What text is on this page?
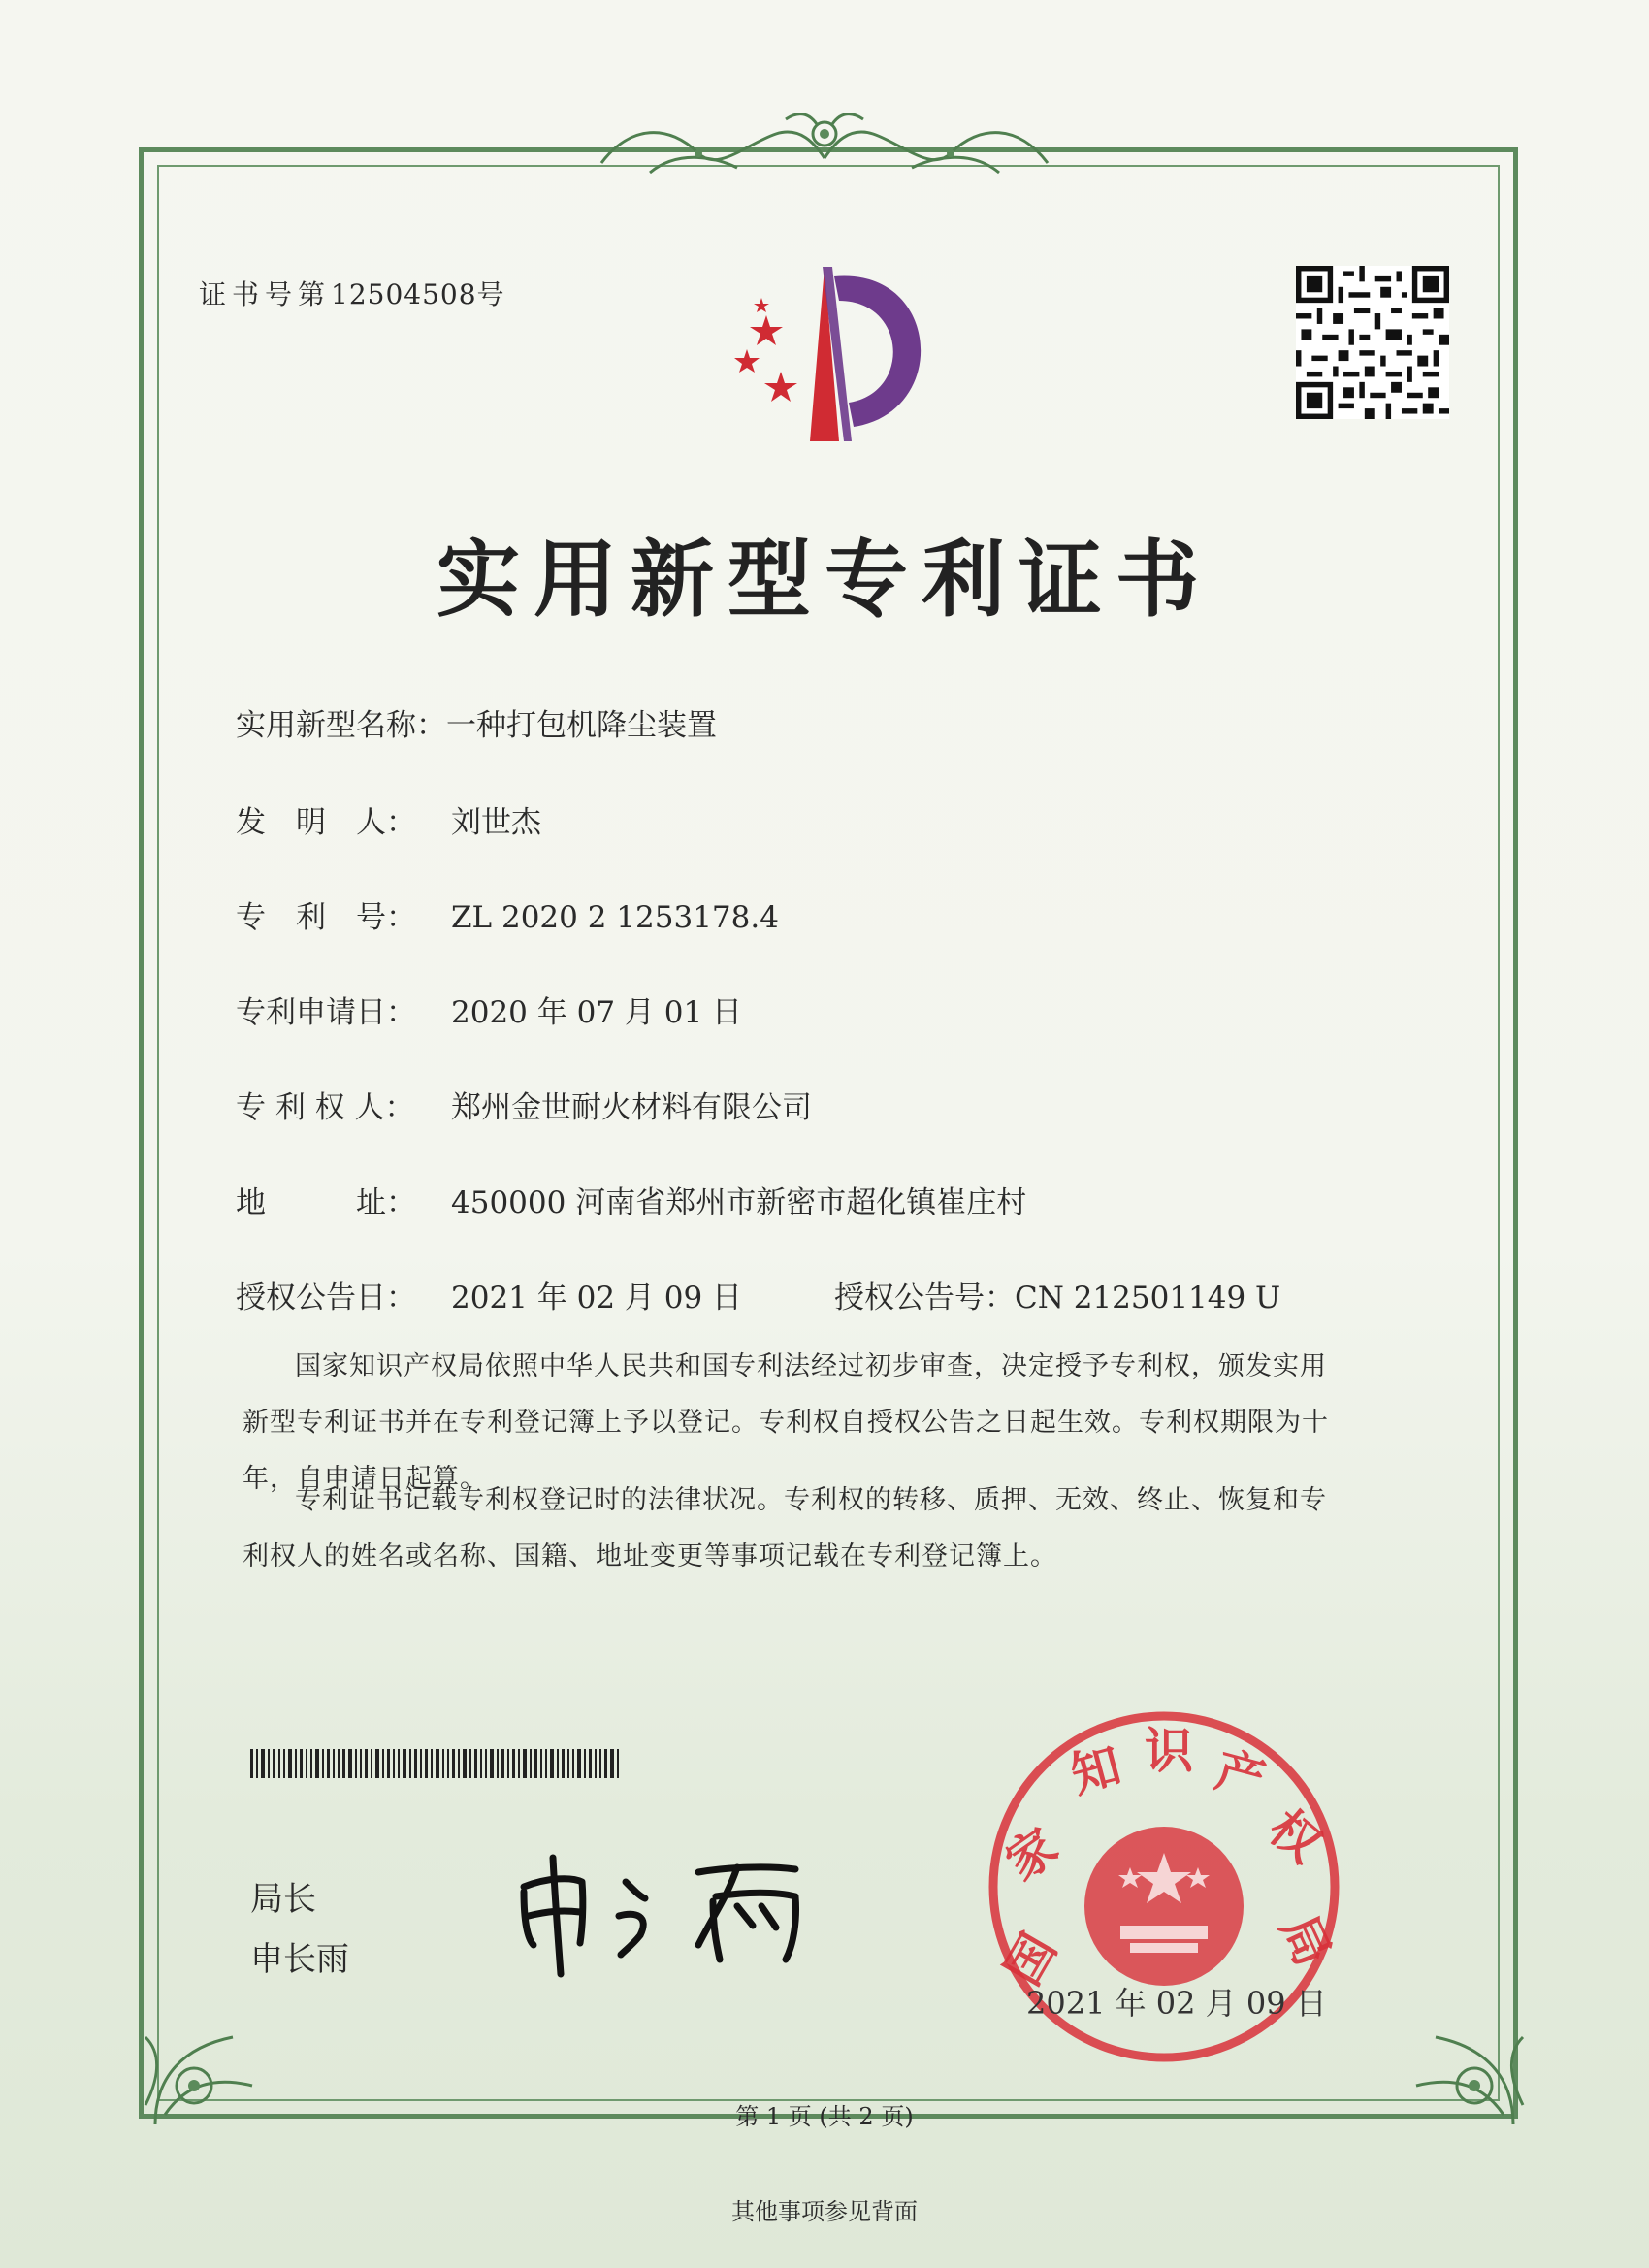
证书号第12504508号
实用新型专利证书
实用新型名称：一种打包机降尘装置
发　明　人： 刘世杰
专　利　号： ZL 2020 2 1253178.4
专利申请日： 2020 年 07 月 01 日
专 利 权 人： 郑州金世耐火材料有限公司
地　　　址： 450000 河南省郑州市新密市超化镇崔庄村
授权公告日： 2021 年 02 月 09 日	授权公告号：CN 212501149 U
国家知识产权局依照中华人民共和国专利法经过初步审查，决定授予专利权，颁发实用
新型专利证书并在专利登记簿上予以登记。专利权自授权公告之日起生效。专利权期限为十
年，自申请日起算。
专利证书记载专利权登记时的法律状况。专利权的转移、质押、无效、终止、恢复和专
利权人的姓名或名称、国籍、地址变更等事项记载在专利登记簿上。
局长
申长雨	国
家
知 识 产
权
局
2021 年 02 月 09 日
第 1 页 (共 2 页)
其他事项参见背面
